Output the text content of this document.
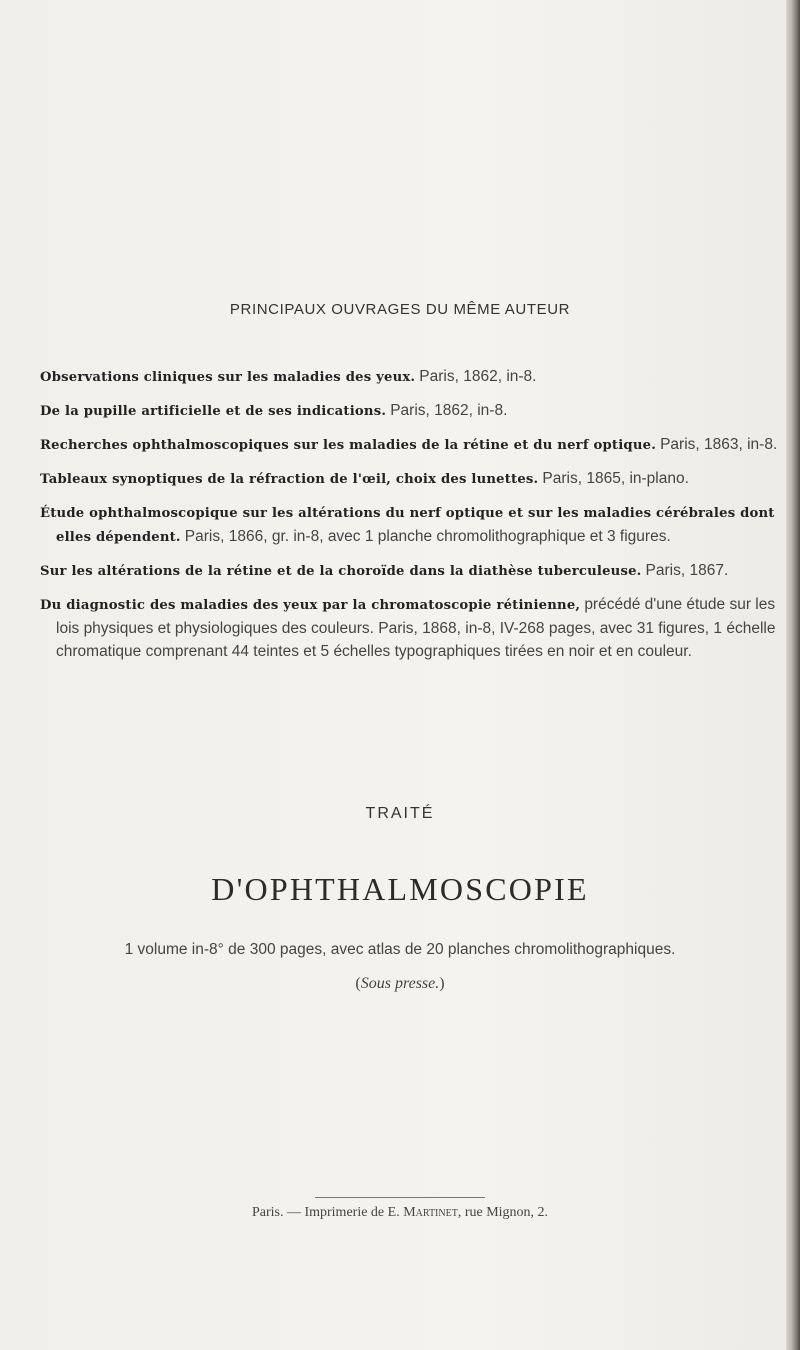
PRINCIPAUX OUVRAGES DU MÊME AUTEUR

Observations cliniques sur les maladies des yeux. Paris, 1862, in-8.

De la pupille artificielle et de ses indications. Paris, 1862, in-8.

Recherches ophthalmoscopiques sur les maladies de la rétine et du nerf optique. Paris, 1863, in-8.

Tableaux synoptiques de la réfraction de l'œil, choix des lunettes. Paris, 1865, in-plano.

Étude ophthalmoscopique sur les altérations du nerf optique et sur les maladies cérébrales dont elles dépendent. Paris, 1866, gr. in-8, avec 1 planche chromolithographique et 3 figures.

Sur les altérations de la rétine et de la choroïde dans la diathèse tuberculeuse. Paris, 1867.

Du diagnostic des maladies des yeux par la chromatoscopie rétinienne, précédé d'une étude sur les lois physiques et physiologiques des couleurs. Paris, 1868, in-8, IV-268 pages, avec 31 figures, 1 échelle chromatique comprenant 44 teintes et 5 échelles typographiques tirées en noir et en couleur.

TRAITÉ
D'OPHTHALMOSCOPIE
1 volume in-8° de 300 pages, avec atlas de 20 planches chromolithographiques.
(Sous presse.)
Paris. — Imprimerie de E. Martinet, rue Mignon, 2.
